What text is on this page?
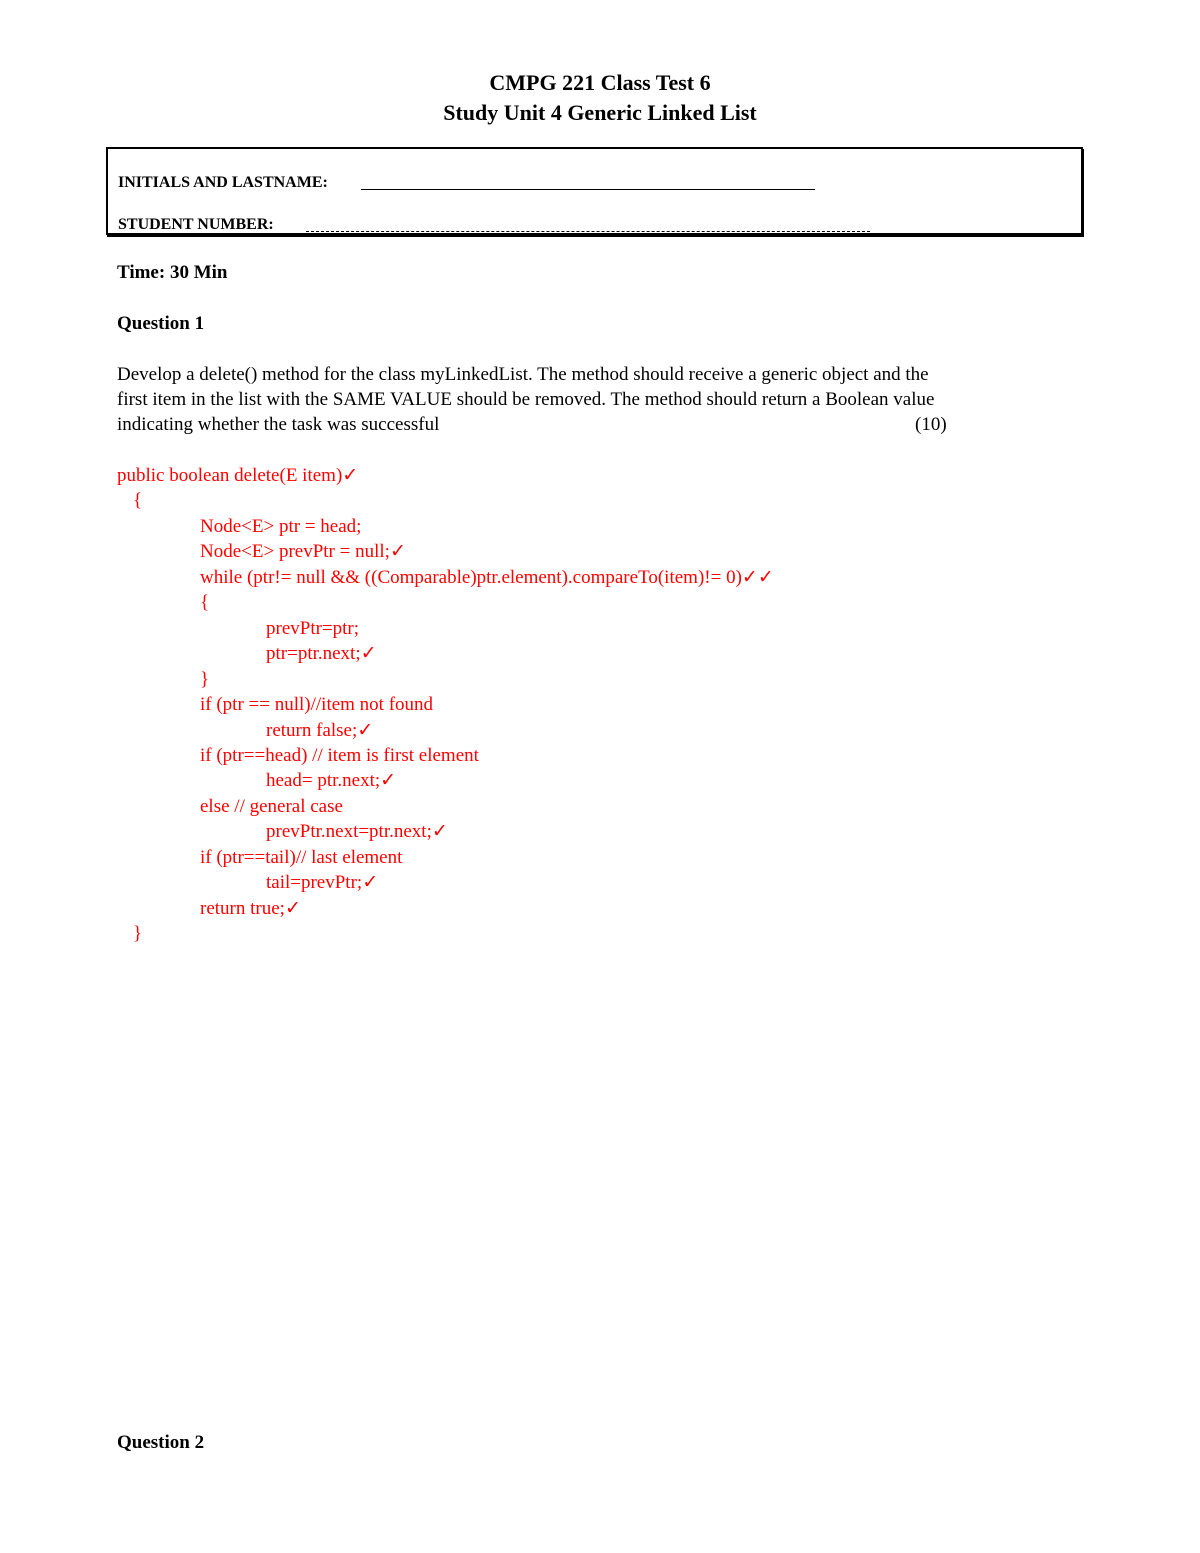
CMPG 221 Class Test 6
Study Unit 4 Generic Linked List
INITIALS AND LASTNAME:
STUDENT NUMBER:
Time: 30 Min
Question 1
Develop a delete() method for the class myLinkedList. The method should receive a generic object and the
first item in the list with the SAME VALUE should be removed. The method should return a Boolean value
indicating whether the task was successful	(10)
public boolean delete(E item)✓
{
Node<E> ptr = head;
Node<E> prevPtr = null;✓
while (ptr!= null && ((Comparable)ptr.element).compareTo(item)!= 0)✓✓
{
prevPtr=ptr;
ptr=ptr.next;✓
}
if (ptr == null)//item not found
return false;✓
if (ptr==head) // item is first element
head= ptr.next;✓
else // general case
prevPtr.next=ptr.next;✓
if (ptr==tail)// last element
tail=prevPtr;✓
return true;✓
}
Question 2
